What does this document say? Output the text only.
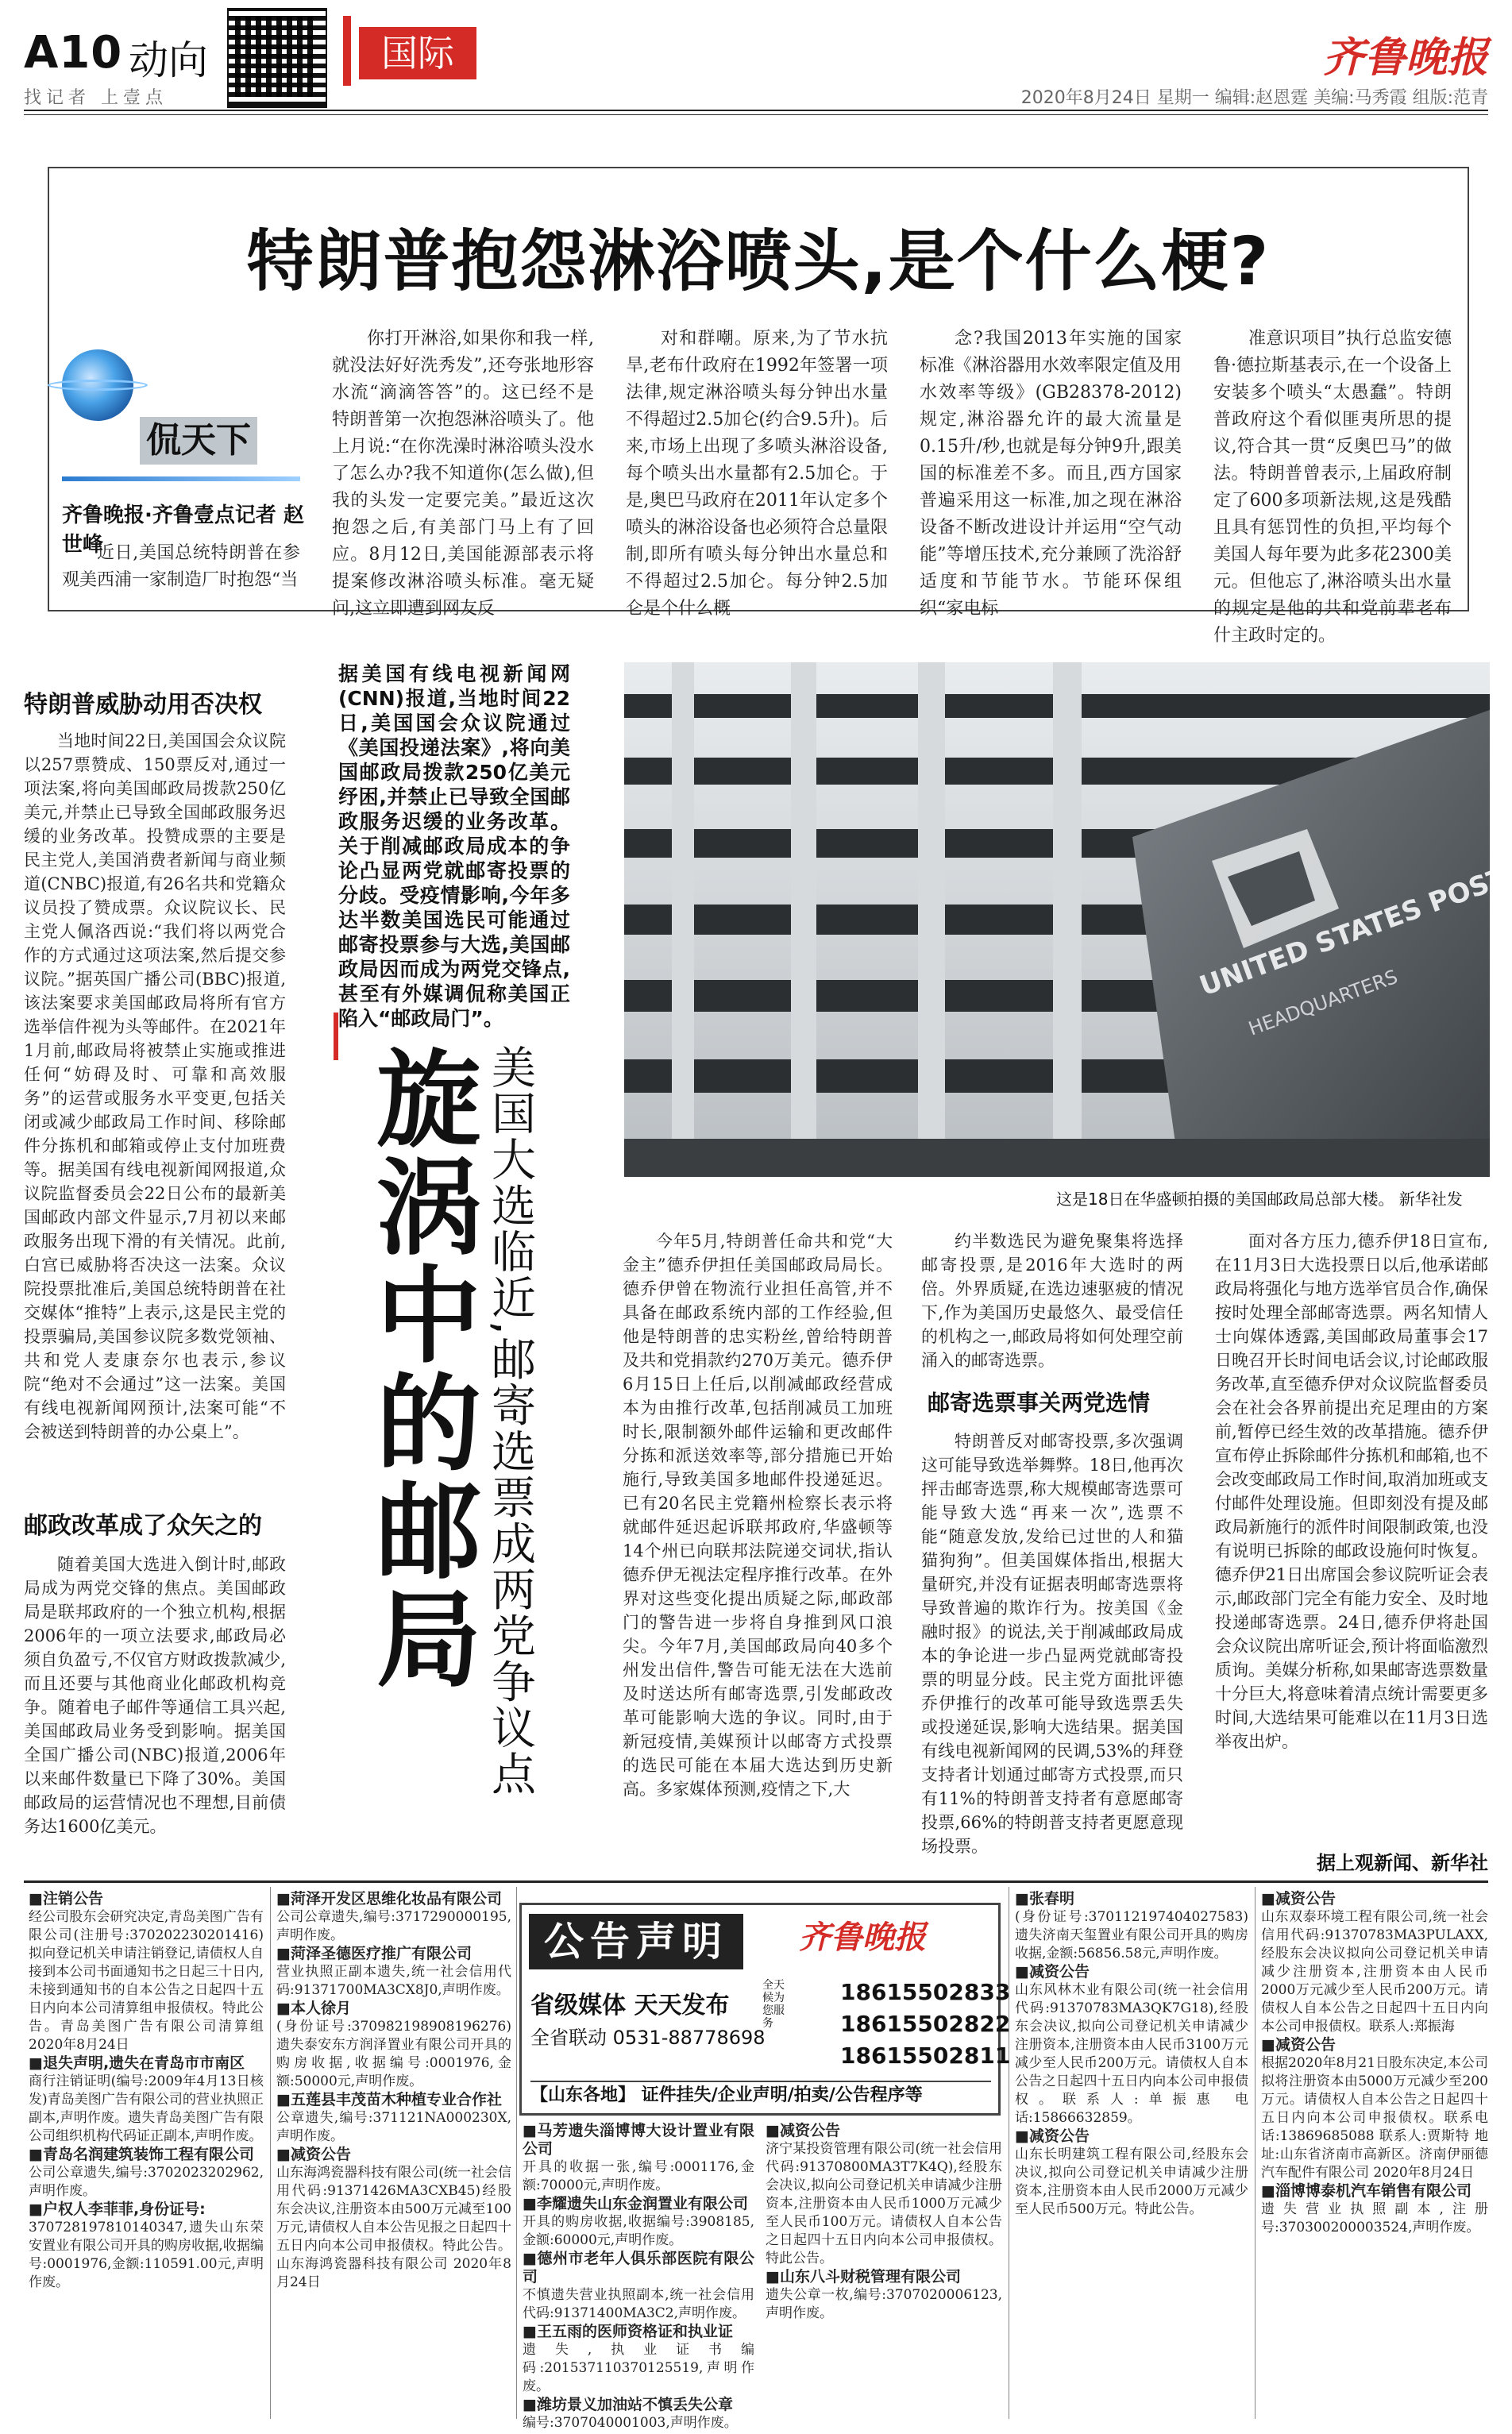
A10 动向	国际	齐鲁晚报
找记者 上壹点	2020年8月24日 星期一 编辑:赵恩霆 美编:马秀霞 组版:范青
特朗普抱怨淋浴喷头,是个什么梗?
侃天下
齐鲁晚报·齐鲁壹点记者 赵世峰

近日,美国总统特朗普在参观美西浦一家制造厂时抱怨“当

你打开淋浴,如果你和我一样,就没法好好洗秀发”,还夸张地形容水流“滴滴答答”的。这已经不是特朗普第一次抱怨淋浴喷头了。他上月说:“在你洗澡时淋浴喷头没水了怎么办?我不知道你(怎么做),但我的头发一定要完美。”最近这次抱怨之后,有美部门马上有了回应。8月12日,美国能源部表示将提案修改淋浴喷头标准。毫无疑问,这立即遭到网友反

对和群嘲。原来,为了节水抗旱,老布什政府在1992年签署一项法律,规定淋浴喷头每分钟出水量不得超过2.5加仑(约合9.5升)。后来,市场上出现了多喷头淋浴设备,每个喷头出水量都有2.5加仑。于是,奥巴马政府在2011年认定多个喷头的淋浴设备也必须符合总量限制,即所有喷头每分钟出水量总和不得超过2.5加仑。每分钟2.5加仑是个什么概

念?我国2013年实施的国家标准《淋浴器用水效率限定值及用水效率等级》(GB28378-2012)规定,淋浴器允许的最大流量是0.15升/秒,也就是每分钟9升,跟美国的标准差不多。而且,西方国家普遍采用这一标准,加之现在淋浴设备不断改进设计并运用“空气动能”等增压技术,充分兼顾了洗浴舒适度和节能节水。节能环保组织“家电标

准意识项目”执行总监安德鲁·德拉斯基表示,在一个设备上安装多个喷头“太愚蠢”。特朗普政府这个看似匪夷所思的提议,符合其一贯“反奥巴马”的做法。特朗普曾表示,上届政府制定了600多项新法规,这是残酷且具有惩罚性的负担,平均每个美国人每年要为此多花2300美元。但他忘了,淋浴喷头出水量的规定是他的共和党前辈老布什主政时定的。

特朗普威胁动用否决权

当地时间22日,美国国会众议院以257票赞成、150票反对,通过一项法案,将向美国邮政局拨款250亿美元,并禁止已导致全国邮政服务迟缓的业务改革。投赞成票的主要是民主党人,美国消费者新闻与商业频道(CNBC)报道,有26名共和党籍众议员投了赞成票。众议院议长、民主党人佩洛西说:“我们将以两党合作的方式通过这项法案,然后提交参议院。”据英国广播公司(BBC)报道,该法案要求美国邮政局将所有官方选举信件视为头等邮件。在2021年1月前,邮政局将被禁止实施或推进任何“妨碍及时、可靠和高效服务”的运营或服务水平变更,包括关闭或减少邮政局工作时间、移除邮件分拣机和邮箱或停止支付加班费等。据美国有线电视新闻网报道,众议院监督委员会22日公布的最新美国邮政内部文件显示,7月初以来邮政服务出现下滑的有关情况。此前,白宫已威胁将否决这一法案。众议院投票批准后,美国总统特朗普在社交媒体“推特”上表示,这是民主党的投票骗局,美国参议院多数党领袖、共和党人麦康奈尔也表示,参议院“绝对不会通过”这一法案。美国有线电视新闻网预计,法案可能“不会被送到特朗普的办公桌上”。

邮政改革成了众矢之的

随着美国大选进入倒计时,邮政局成为两党交锋的焦点。美国邮政局是联邦政府的一个独立机构,根据2006年的一项立法要求,邮政局必须自负盈亏,不仅官方财政拨款减少,而且还要与其他商业化邮政机构竞争。随着电子邮件等通信工具兴起,美国邮政局业务受到影响。据美国全国广播公司(NBC)报道,2006年以来邮件数量已下降了30%。美国邮政局的运营情况也不理想,目前债务达1600亿美元。

据美国有线电视新闻网(CNN)报道,当地时间22日,美国国会众议院通过《美国投递法案》,将向美国邮政局拨款250亿美元纾困,并禁止已导致全国邮政服务迟缓的业务改革。关于削减邮政局成本的争论凸显两党就邮寄投票的分歧。受疫情影响,今年多达半数美国选民可能通过邮寄投票参与大选,美国邮政局因而成为两党交锋点,甚至有外媒调侃称美国正陷入“邮政局门”。
旋涡中的邮局 美国大选临近,邮寄选票成两党争议点
HEADQUARTERS
这是18日在华盛顿拍摄的美国邮政局总部大楼。 新华社发

今年5月,特朗普任命共和党“大金主”德乔伊担任美国邮政局局长。德乔伊曾在物流行业担任高管,并不具备在邮政系统内部的工作经验,但他是特朗普的忠实粉丝,曾给特朗普及共和党捐款约270万美元。德乔伊6月15日上任后,以削减邮政经营成本为由推行改革,包括削减员工加班时长,限制额外邮件运输和更改邮件分拣和派送效率等,部分措施已开始施行,导致美国多地邮件投递延迟。已有20名民主党籍州检察长表示将就邮件延迟起诉联邦政府,华盛顿等14个州已向联邦法院递交词状,指认德乔伊无视法定程序推行改革。在外界对这些变化提出质疑之际,邮政部门的警告进一步将自身推到风口浪尖。今年7月,美国邮政局向40多个州发出信件,警告可能无法在大选前及时送达所有邮寄选票,引发邮政改革可能影响大选的争议。同时,由于新冠疫情,美媒预计以邮寄方式投票的选民可能在本届大选达到历史新高。多家媒体预测,疫情之下,大

约半数选民为避免聚集将选择邮寄投票,是2016年大选时的两倍。外界质疑,在选边速驱疲的情况下,作为美国历史最悠久、最受信任的机构之一,邮政局将如何处理空前涌入的邮寄选票。

邮寄选票事关两党选情

特朗普反对邮寄投票,多次强调这可能导致选举舞弊。18日,他再次抨击邮寄选票,称大规模邮寄选票可能导致大选“再来一次”,选票不能“随意发放,发给已过世的人和猫猫狗狗”。但美国媒体指出,根据大量研究,并没有证据表明邮寄选票将导致普遍的欺诈行为。按美国《金融时报》的说法,关于削减邮政局成本的争论进一步凸显两党就邮寄投票的明显分歧。民主党方面批评德乔伊推行的改革可能导致选票丢失或投递延误,影响大选结果。据美国有线电视新闻网的民调,53%的拜登支持者计划通过邮寄方式投票,而只有11%的特朗普支持者有意愿邮寄投票,66%的特朗普支持者更愿意现场投票。

面对各方压力,德乔伊18日宣布,在11月3日大选投票日以后,他承诺邮政局将强化与地方选举官员合作,确保按时处理全部邮寄选票。两名知情人士向媒体透露,美国邮政局董事会17日晚召开长时间电话会议,讨论邮政服务改革,直至德乔伊对众议院监督委员会在社会各界前提出充足理由的方案前,暂停已经生效的改革措施。德乔伊宣布停止拆除邮件分拣机和邮箱,也不会改变邮政局工作时间,取消加班或支付邮件处理设施。但即刻没有提及邮政局新施行的派件时间限制政策,也没有说明已拆除的邮政设施何时恢复。德乔伊21日出席国会参议院听证会表示,邮政部门完全有能力安全、及时地投递邮寄选票。24日,德乔伊将赴国会众议院出席听证会,预计将面临激烈质询。美媒分析称,如果邮寄选票数量十分巨大,将意味着清点统计需要更多时间,大选结果可能难以在11月3日选举夜出炉。

据上观新闻、新华社
■注销公告
经公司股东会研究决定,青岛美图广告有限公司(注册号:370202230201416)拟向登记机关申请注销登记,请债权人自接到本公司书面通知书之日起三十日内,未接到通知书的自本公告之日起四十五日内向本公司清算组申报债权。特此公告。青岛美图广告有限公司清算组 2020年8月24日
■退失声明,遗失在青岛市市南区
商行注销证明(编号:2009年4月13日核发)青岛美图广告有限公司的营业执照正副本,声明作废。遗失青岛美图广告有限公司组织机构代码证正副本,声明作废。
■青岛名润建筑装饰工程有限公司
公司公章遗失,编号:3702023202962,声明作废。
■户权人李菲菲,身份证号:
370728197810140347,遗失山东荣安置业有限公司开具的购房收据,收据编号:0001976,金额:110591.00元,声明作废。
■菏泽开发区思维化妆品有限公司
公司公章遗失,编号:3717290000195,声明作废。
■菏泽圣德医疗推广有限公司
营业执照正副本遗失,统一社会信用代码:91371700MA3CX8J0,声明作废。
■本人徐月
(身份证号:370982198908196276)遗失泰安东方润泽置业有限公司开具的购房收据,收据编号:0001976,金额:50000元,声明作废。
■五莲县丰茂苗木种植专业合作社
公章遗失,编号:371121NA000230X,声明作废。
■减资公告
山东海鸿瓷器科技有限公司(统一社会信用代码:91371426MA3CXB45)经股东会决议,注册资本由500万元减至100万元,请债权人自本公告见报之日起四十五日内向本公司申报债权。特此公告。山东海鸿瓷器科技有限公司 2020年8月24日
公告声明	齐鲁晚报
省级媒体 天天发布
全省联动 0531-88778698
全天候为您服务
18615502833
18615502822
18615502811
【山东各地】 证件挂失/企业声明/拍卖/公告程序等
■马芳遗失淄博博大设计置业有限公司
开具的收据一张,编号:0001176,金额:70000元,声明作废。
■李耀遗失山东金润置业有限公司
开具的购房收据,收据编号:3908185,金额:60000元,声明作废。
■德州市老年人俱乐部医院有限公司
不慎遗失营业执照副本,统一社会信用代码:91371400MA3C2,声明作废。
■王五雨的医师资格证和执业证
遗失,执业证书编码:201537110370125519,声明作废。
■潍坊景义加油站不慎丢失公章
编号:3707040001003,声明作废。
■减资公告
济宁某投资管理有限公司(统一社会信用代码:91370800MA3T7K4Q),经股东会决议,拟向公司登记机关申请减少注册资本,注册资本由人民币1000万元减少至人民币100万元。请债权人自本公告之日起四十五日内向本公司申报债权。特此公告。
■山东八斗财税管理有限公司
遗失公章一枚,编号:3707020006123,声明作废。
■张春明
(身份证号:370112197404027583)遗失济南天玺置业有限公司开具的购房收据,金额:56856.58元,声明作废。
■减资公告
山东风林木业有限公司(统一社会信用代码:91370783MA3QK7G18),经股东会决议,拟向公司登记机关申请减少注册资本,注册资本由人民币3100万元减少至人民币200万元。请债权人自本公告之日起四十五日内向本公司申报债权。联系人:单振惠 电话:15866632859。
■减资公告
山东长明建筑工程有限公司,经股东会决议,拟向公司登记机关申请减少注册资本,注册资本由人民币2000万元减少至人民币500万元。特此公告。
■减资公告
山东双泰环境工程有限公司,统一社会信用代码:91370783MA3PULAXX,经股东会决议拟向公司登记机关申请减少注册资本,注册资本由人民币2000万元减少至人民币200万元。请债权人自本公告之日起四十五日内向本公司申报债权。联系人:郑振海
■减资公告
根据2020年8月21日股东决定,本公司拟将注册资本由5000万元减少至200万元。请债权人自本公告之日起四十五日内向本公司申报债权。联系电话:13869685088 联系人:贾斯特 地址:山东省济南市高新区。济南伊丽德汽车配件有限公司 2020年8月24日
■淄博博泰机汽车销售有限公司
遗失营业执照副本,注册号:370300200003524,声明作废。
